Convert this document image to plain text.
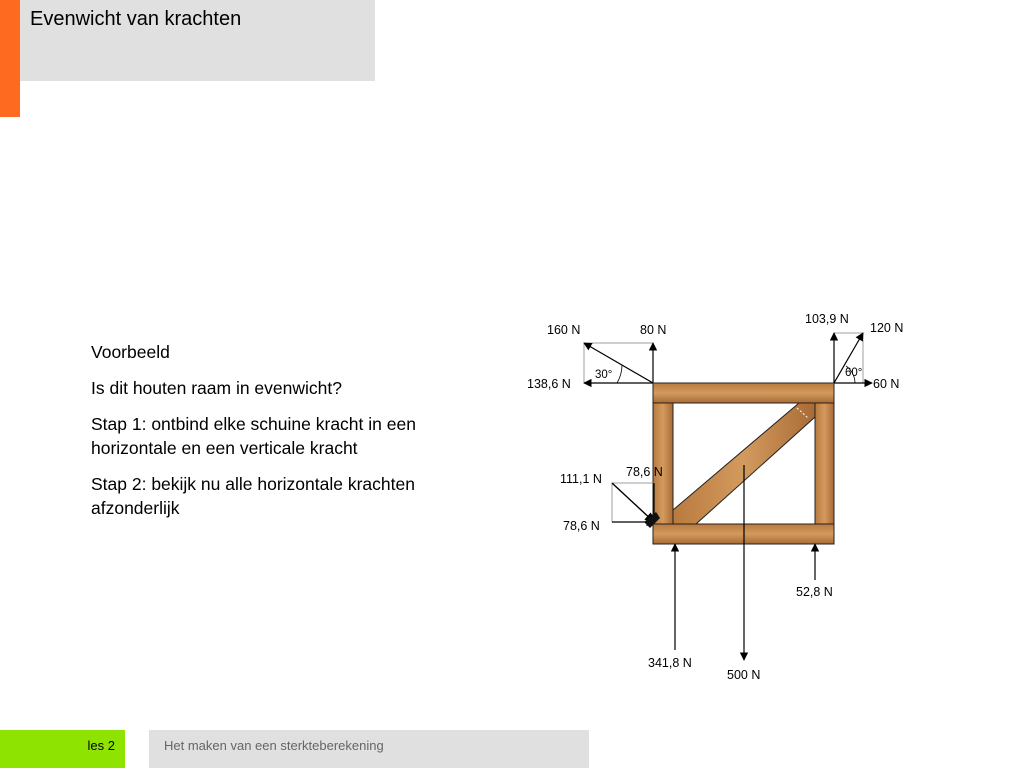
Evenwicht van krachten

Voorbeeld

Is dit houten raam in evenwicht?

Stap 1: ontbind elke schuine kracht in een horizontale en een verticale kracht

Stap 2: bekijk nu alle horizontale krachten afzonderlijk

160 N	80 N
138,6 N
30°
103,9 N
120 N
60 N
60°
111,1 N 78,6 N
78,6 N
52,8 N
341,8 N
500 N
les 2	Het maken van een sterkteberekening
